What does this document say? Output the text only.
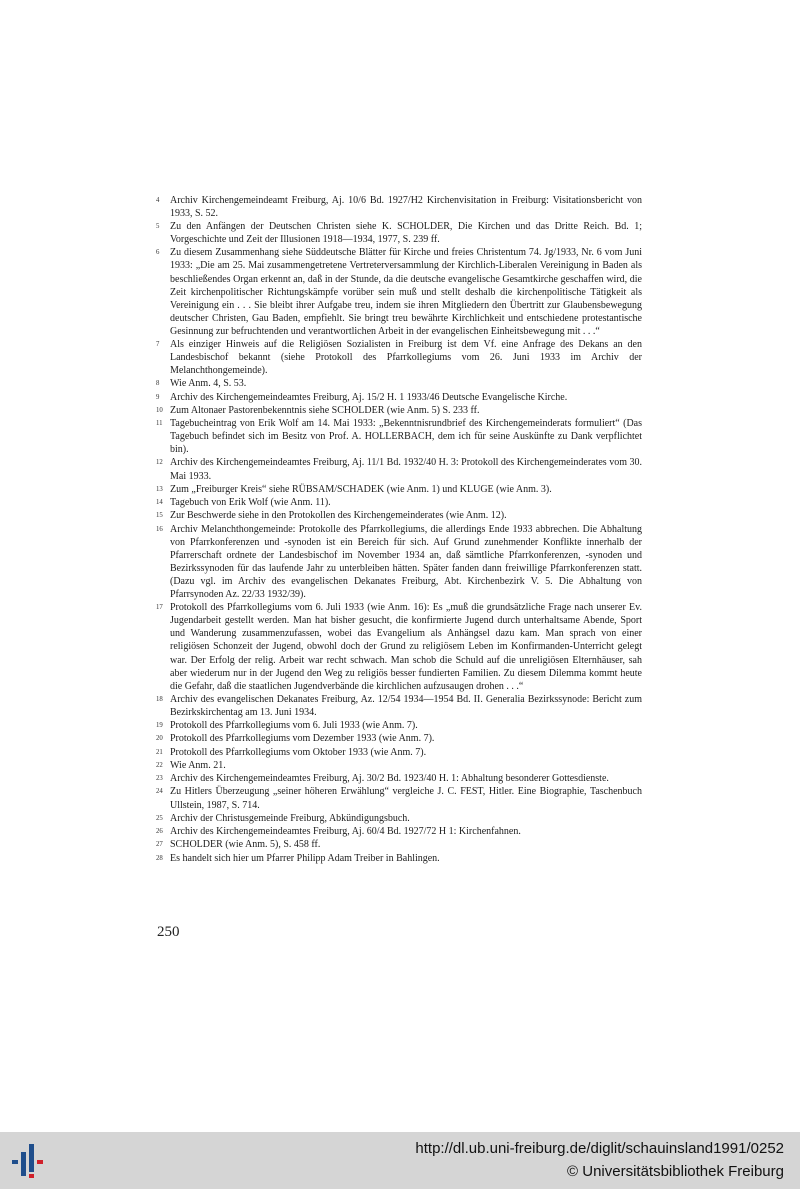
4	Archiv Kirchengemeindeamt Freiburg, Aj. 10/6 Bd. 1927/H2 Kirchenvisitation in Freiburg: Visitationsbericht von 1933, S. 52.
5	Zu den Anfängen der Deutschen Christen siehe K. SCHOLDER, Die Kirchen und das Dritte Reich. Bd. 1; Vorgeschichte und Zeit der Illusionen 1918—1934, 1977, S. 239 ff.
6	Zu diesem Zusammenhang siehe Süddeutsche Blätter für Kirche und freies Christentum 74. Jg/1933, Nr. 6 vom Juni 1933: „Die am 25. Mai zusammengetretene Vertreterversammlung der Kirchlich-Liberalen Vereinigung in Baden als beschließendes Organ erkennt an, daß in der Stunde, da die deutsche evangelische Gesamtkirche geschaffen wird, die Zeit kirchenpolitischer Richtungskämpfe vorüber sein muß und stellt deshalb die kirchenpolitische Tätigkeit als Vereinigung ein . . . Sie bleibt ihrer Aufgabe treu, indem sie ihren Mitgliedern den Übertritt zur Glaubensbewegung deutscher Christen, Gau Baden, empfiehlt. Sie bringt treu bewährte Kirchlichkeit und entschiedene protestantische Gesinnung zur befruchtenden und verantwortlichen Arbeit in der evangelischen Einheitsbewegung mit . . .“
7	Als einziger Hinweis auf die Religiösen Sozialisten in Freiburg ist dem Vf. eine Anfrage des Dekans an den Landesbischof bekannt (siehe Protokoll des Pfarrkollegiums vom 26. Juni 1933 im Archiv der Melanchthongemeinde).
8	Wie Anm. 4, S. 53.
9	Archiv des Kirchengemeindeamtes Freiburg, Aj. 15/2 H. 1 1933/46 Deutsche Evangelische Kirche.
10 Zum Altonaer Pastorenbekenntnis siehe SCHOLDER (wie Anm. 5) S. 233 ff.
11 Tagebucheintrag von Erik Wolf am 14. Mai 1933: „Bekenntnisrundbrief des Kirchengemeinderats formuliert“ (Das Tagebuch befindet sich im Besitz von Prof. A. HOLLERBACH, dem ich für seine Auskünfte zu Dank verpflichtet bin).
12 Archiv des Kirchengemeindeamtes Freiburg, Aj. 11/1 Bd. 1932/40 H. 3: Protokoll des Kirchengemeinderates vom 30. Mai 1933.
13 Zum „Freiburger Kreis“ siehe RÜBSAM/SCHADEK (wie Anm. 1) und KLUGE (wie Anm. 3).
14 Tagebuch von Erik Wolf (wie Anm. 11).
15 Zur Beschwerde siehe in den Protokollen des Kirchengemeinderates (wie Anm. 12).
16 Archiv Melanchthongemeinde: Protokolle des Pfarrkollegiums, die allerdings Ende 1933 abbrechen. Die Abhaltung von Pfarrkonferenzen und -synoden ist ein Bereich für sich. Auf Grund zunehmender Konflikte innerhalb der Pfarrerschaft ordnete der Landesbischof im November 1934 an, daß sämtliche Pfarrkonferenzen, -synoden und Bezirkssynoden für das laufende Jahr zu unterbleiben hätten. Später fanden dann freiwillige Pfarrkonferenzen statt. (Dazu vgl. im Archiv des evangelischen Dekanates Freiburg, Abt. Kirchenbezirk V. 5. Die Abhaltung von Pfarrsynoden Az. 22/33 1932/39).
17 Protokoll des Pfarrkollegiums vom 6. Juli 1933 (wie Anm. 16): Es „muß die grundsätzliche Frage nach unserer Ev. Jugendarbeit gestellt werden. Man hat bisher gesucht, die konfirmierte Jugend durch unterhaltsame Abende, Sport und Wanderung zusammenzufassen, wobei das Evangelium als Anhängsel dazu kam. Man sprach von einer religiösen Schonzeit der Jugend, obwohl doch der Grund zu religiösem Leben im Konfirmanden-Unterricht gelegt war. Der Erfolg der relig. Arbeit war recht schwach. Man schob die Schuld auf die unreligiösen Elternhäuser, sah aber wiederum nur in der Jugend den Weg zu religiös besser fundierten Familien. Zu diesem Dilemma kommt heute die Gefahr, daß die staatlichen Jugendverbände die kirchlichen aufzusaugen drohen . . .“
18 Archiv des evangelischen Dekanates Freiburg, Az. 12/54 1934—1954 Bd. II. Generalia Bezirkssynode: Bericht zum Bezirkskirchentag am 13. Juni 1934.
19 Protokoll des Pfarrkollegiums vom 6. Juli 1933 (wie Anm. 7).
20 Protokoll des Pfarrkollegiums vom Dezember 1933 (wie Anm. 7).
21 Protokoll des Pfarrkollegiums vom Oktober 1933 (wie Anm. 7).
22 Wie Anm. 21.
23 Archiv des Kirchengemeindeamtes Freiburg, Aj. 30/2 Bd. 1923/40 H. 1: Abhaltung besonderer Gottesdienste.
24 Zu Hitlers Überzeugung „seiner höheren Erwählung“ vergleiche J. C. FEST, Hitler. Eine Biographie, Taschenbuch Ullstein, 1987, S. 714.
25 Archiv der Christusgemeinde Freiburg, Abkündigungsbuch.
26 Archiv des Kirchengemeindeamtes Freiburg, Aj. 60/4 Bd. 1927/72 H 1: Kirchenfahnen.
27 SCHOLDER (wie Anm. 5), S. 458 ff.
28 Es handelt sich hier um Pfarrer Philipp Adam Treiber in Bahlingen.
250
http://dl.ub.uni-freiburg.de/diglit/schauinsland1991/0252
© Universitätsbibliothek Freiburg
